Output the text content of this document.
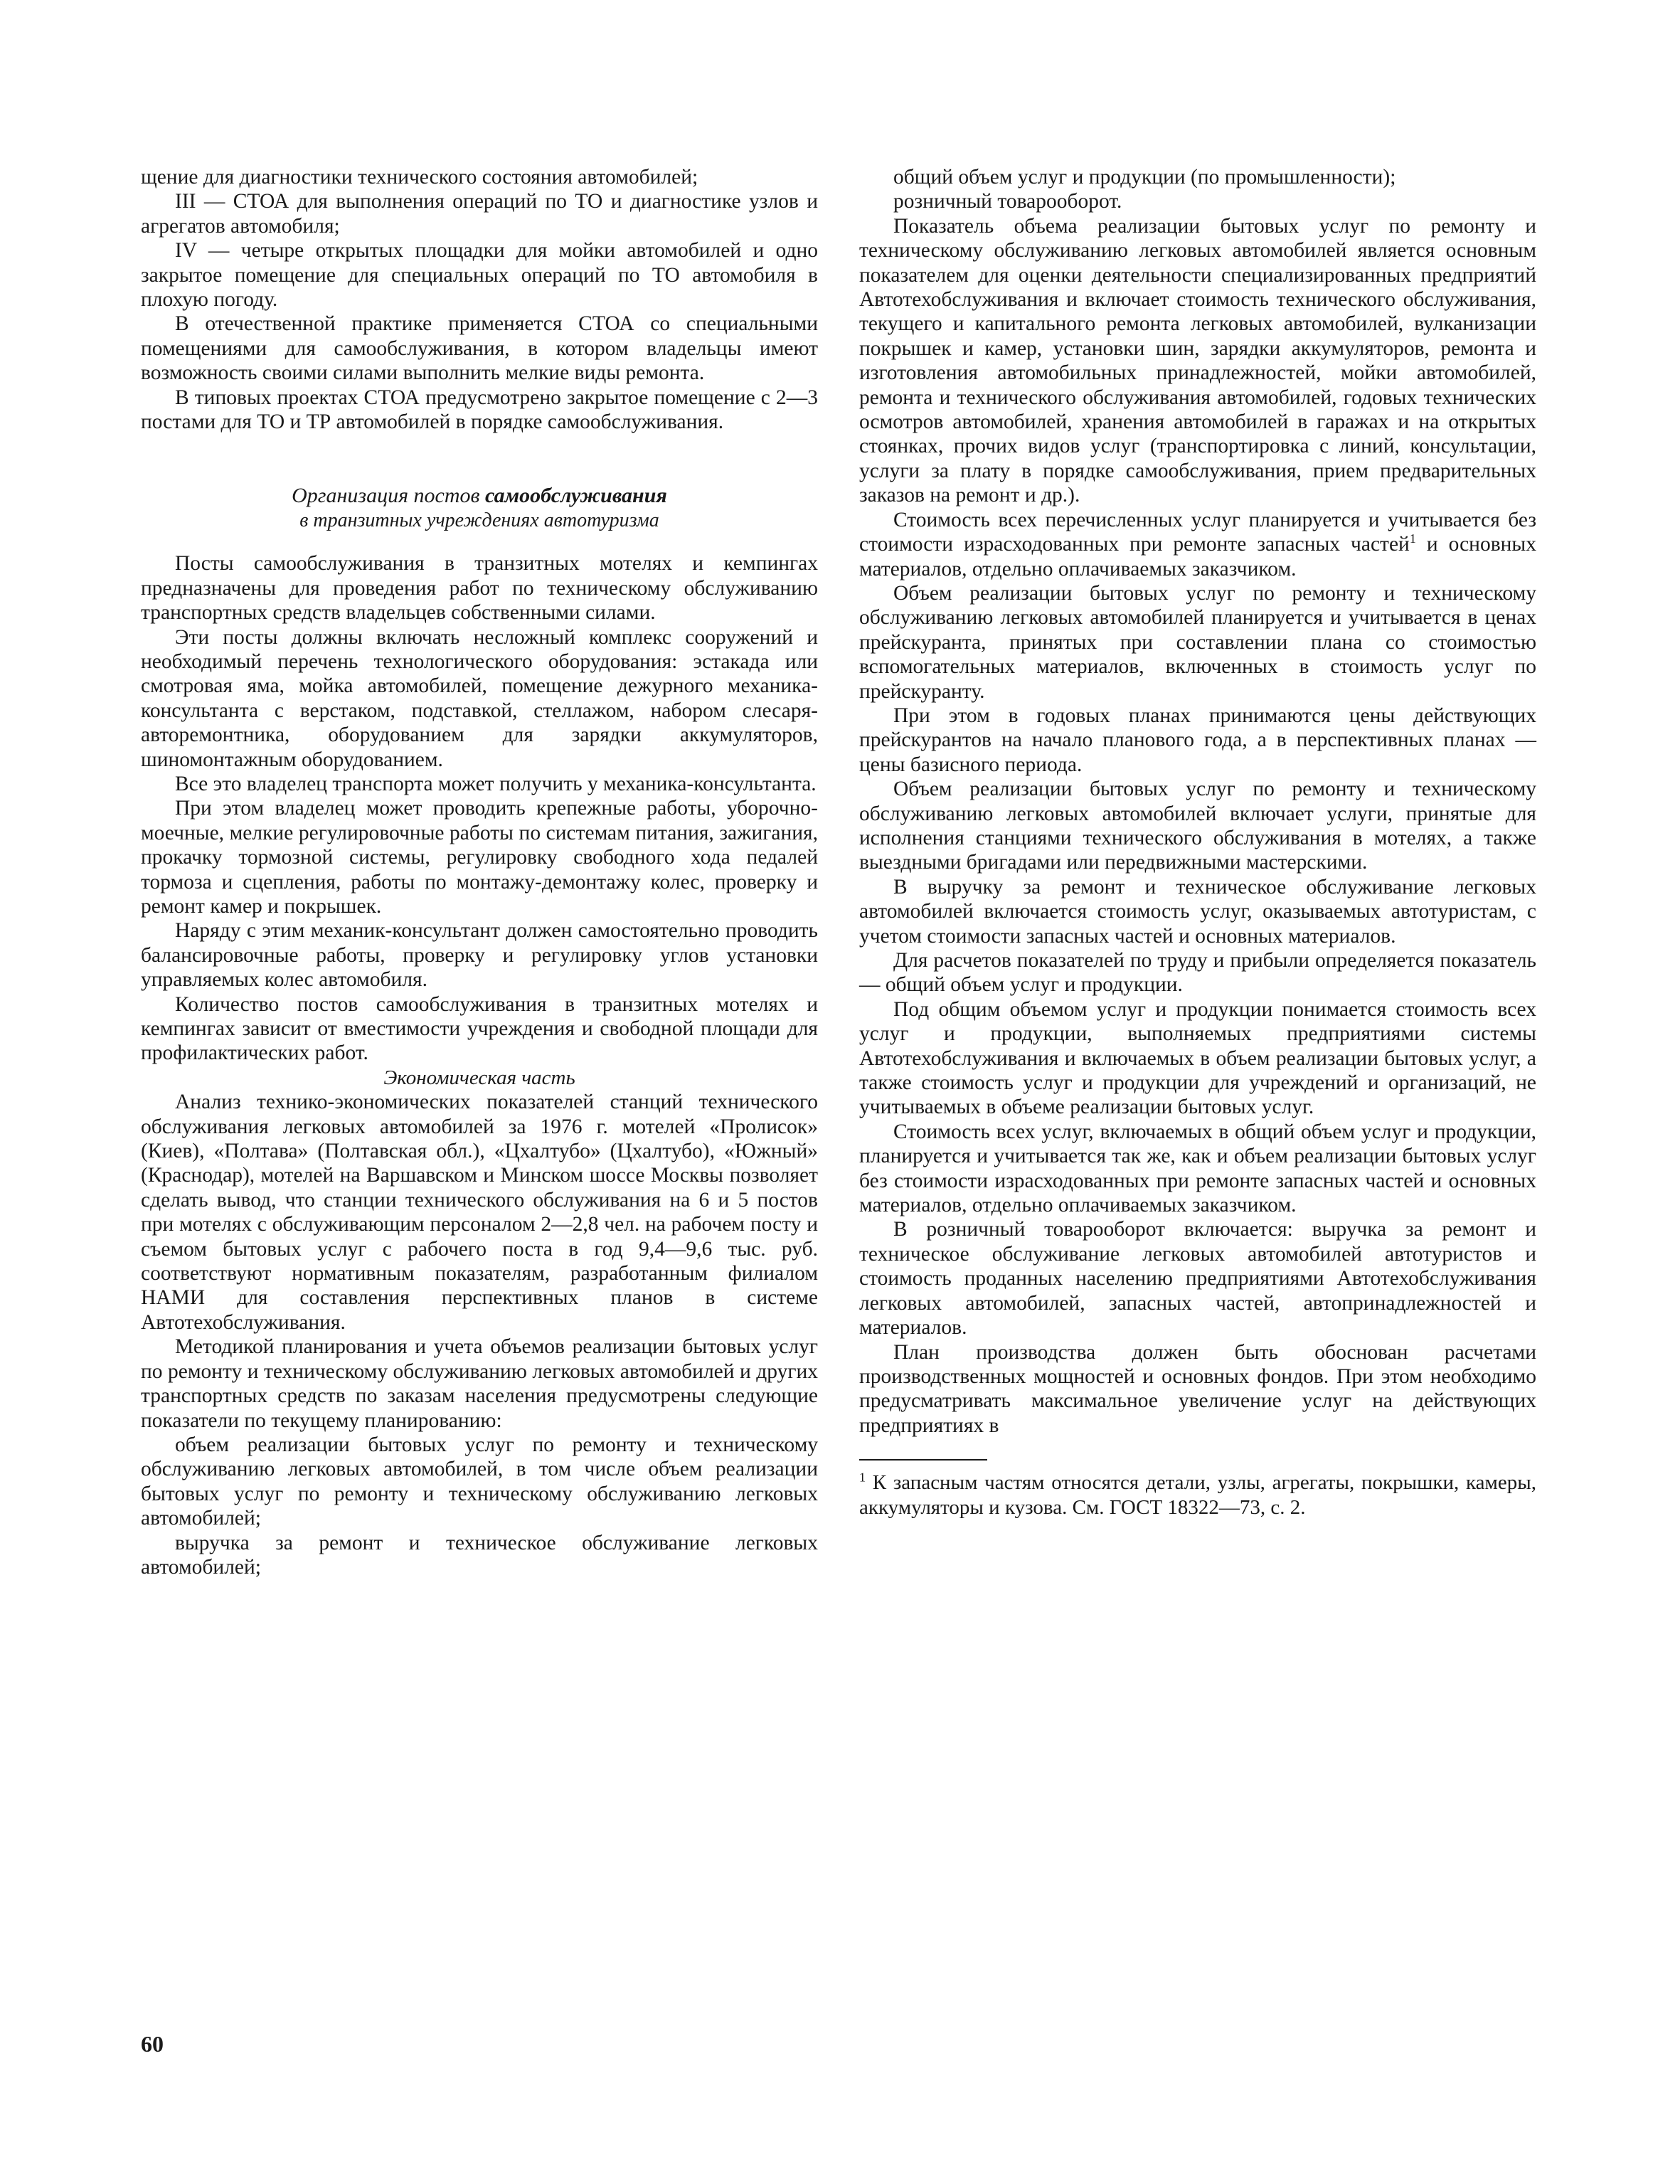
щение для диагностики технического состояния автомобилей;

III — СТОА для выполнения операций по ТО и диагностике узлов и агрегатов автомобиля;

IV — четыре открытых площадки для мойки автомобилей и одно закрытое помещение для специальных операций по ТО автомобиля в плохую погоду.

В отечественной практике применяется СТОА со специальными помещениями для самообслуживания, в котором владельцы имеют возможность своими силами выполнить мелкие виды ремонта.

В типовых проектах СТОА предусмотрено закрытое помещение с 2—3 постами для ТО и ТР автомобилей в порядке самообслуживания.

Организация постов самообслуживания

в транзитных учреждениях автотуризма

Посты самообслуживания в транзитных мотелях и кемпингах предназначены для проведения работ по техническому обслуживанию транспортных средств владельцев собственными силами.

Эти посты должны включать несложный комплекс сооружений и необходимый перечень технологического оборудования: эстакада или смотровая яма, мойка автомобилей, помещение дежурного механика-консультанта с верстаком, подставкой, стеллажом, набором слесаря-авторемонтника, оборудованием для зарядки аккумуляторов, шиномонтажным оборудованием.

Все это владелец транспорта может получить у механика-консультанта.

При этом владелец может проводить крепежные работы, уборочно-моечные, мелкие регулировочные работы по системам питания, зажигания, прокачку тормозной системы, регулировку свободного хода педалей тормоза и сцепления, работы по монтажу-демонтажу колес, проверку и ремонт камер и покрышек.

Наряду с этим механик-консультант должен самостоятельно проводить балансировочные работы, проверку и регулировку углов установки управляемых колес автомобиля.

Количество постов самообслуживания в транзитных мотелях и кемпингах зависит от вместимости учреждения и свободной площади для профилактических работ.

Экономическая часть

Анализ технико-экономических показателей станций технического обслуживания легковых автомобилей за 1976 г. мотелей «Пролисок» (Киев), «Полтава» (Полтавская обл.), «Цхалтубо» (Цхалтубо), «Южный» (Краснодар), мотелей на Варшавском и Минском шоссе Москвы позволяет сделать вывод, что станции технического обслуживания на 6 и 5 постов при мотелях с обслуживающим персоналом 2—2,8 чел. на рабочем посту и съемом бытовых услуг с рабочего поста в год 9,4—9,6 тыс. руб. соответствуют нормативным показателям, разработанным филиалом НАМИ для составления перспективных планов в системе Автотехобслуживания.

Методикой планирования и учета объемов реализации бытовых услуг по ремонту и техническому обслуживанию легковых автомобилей и других транспортных средств по заказам населения предусмотрены следующие показатели по текущему планированию:

объем реализации бытовых услуг по ремонту и техническому обслуживанию легковых автомобилей, в том числе объем реализации бытовых услуг по ремонту и техническому обслуживанию легковых автомобилей;

выручка за ремонт и техническое обслуживание легковых автомобилей;

общий объем услуг и продукции (по промышленности);

розничный товарооборот.

Показатель объема реализации бытовых услуг по ремонту и техническому обслуживанию легковых автомобилей является основным показателем для оценки деятельности специализированных предприятий Автотехобслуживания и включает стоимость технического обслуживания, текущего и капитального ремонта легковых автомобилей, вулканизации покрышек и камер, установки шин, зарядки аккумуляторов, ремонта и изготовления автомобильных принадлежностей, мойки автомобилей, ремонта и технического обслуживания автомобилей, годовых технических осмотров автомобилей, хранения автомобилей в гаражах и на открытых стоянках, прочих видов услуг (транспортировка с линий, консультации, услуги за плату в порядке самообслуживания, прием предварительных заказов на ремонт и др.).

Стоимость всех перечисленных услуг планируется и учитывается без стоимости израсходованных при ремонте запасных частей$^1$ и основных материалов, отдельно оплачиваемых заказчиком.

Объем реализации бытовых услуг по ремонту и техническому обслуживанию легковых автомобилей планируется и учитывается в ценах прейскуранта, принятых при составлении плана со стоимостью вспомогательных материалов, включенных в стоимость услуг по прейскуранту.

При этом в годовых планах принимаются цены действующих прейскурантов на начало планового года, а в перспективных планах — цены базисного периода.

Объем реализации бытовых услуг по ремонту и техническому обслуживанию легковых автомобилей включает услуги, принятые для исполнения станциями технического обслуживания в мотелях, а также выездными бригадами или передвижными мастерскими.

В выручку за ремонт и техническое обслуживание легковых автомобилей включается стоимость услуг, оказываемых автотуристам, с учетом стоимости запасных частей и основных материалов.

Для расчетов показателей по труду и прибыли определяется показатель — общий объем услуг и продукции.

Под общим объемом услуг и продукции понимается стоимость всех услуг и продукции, выполняемых предприятиями системы Автотехобслуживания и включаемых в объем реализации бытовых услуг, а также стоимость услуг и продукции для учреждений и организаций, не учитываемых в объеме реализации бытовых услуг.

Стоимость всех услуг, включаемых в общий объем услуг и продукции, планируется и учитывается так же, как и объем реализации бытовых услуг без стоимости израсходованных при ремонте запасных частей и основных материалов, отдельно оплачиваемых заказчиком.

В розничный товарооборот включается: выручка за ремонт и техническое обслуживание легковых автомобилей автотуристов и стоимость проданных населению предприятиями Автотехобслуживания легковых автомобилей, запасных частей, автопринадлежностей и материалов.

План производства должен быть обоснован расчетами производственных мощностей и основных фондов. При этом необходимо предусматривать максимальное увеличение услуг на действующих предприятиях в

$^1$ К запасным частям относятся детали, узлы, агрегаты, покрышки, камеры, аккумуляторы и кузова. См. ГОСТ 18322—73, с. 2.

60
